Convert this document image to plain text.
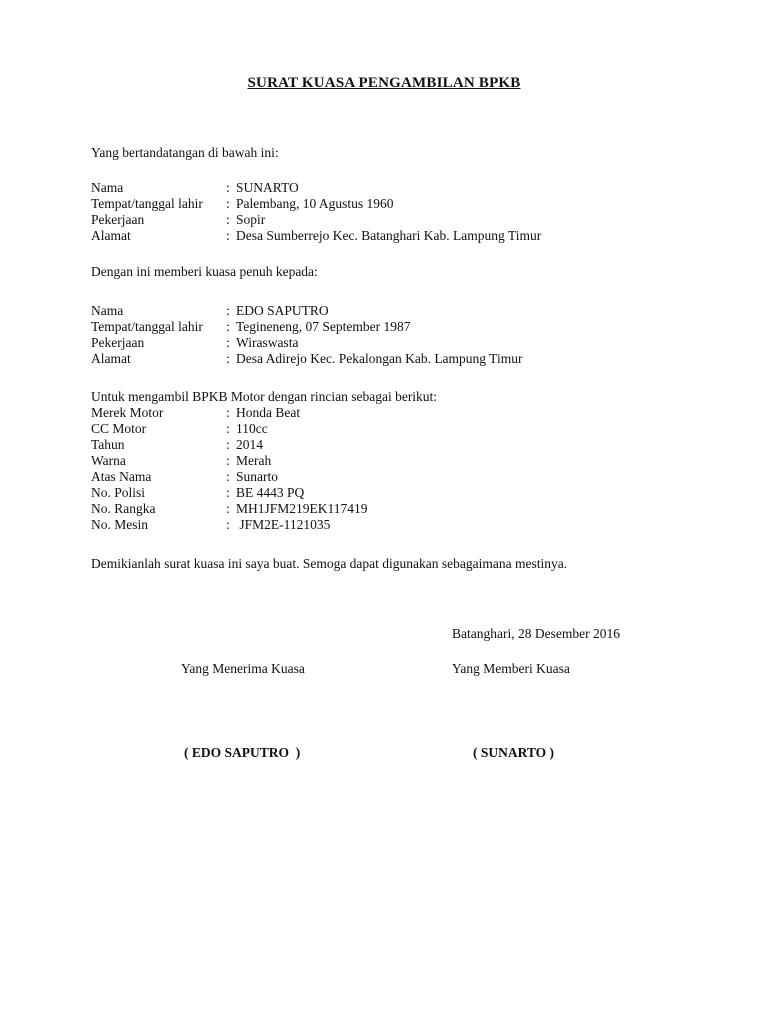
SURAT KUASA PENGAMBILAN BPKB
Yang bertandatangan di bawah ini:
Nama	: SUNARTO
Tempat/tanggal lahir : Palembang, 10 Agustus 1960
Pekerjaan	: Sopir
Alamat	: Desa Sumberrejo Kec. Batanghari Kab. Lampung Timur
Dengan ini memberi kuasa penuh kepada:
Nama	: EDO SAPUTRO
Tempat/tanggal lahir : Tegineneng, 07 September 1987
Pekerjaan	: Wiraswasta
Alamat	: Desa Adirejo Kec. Pekalongan Kab. Lampung Timur
Untuk mengambil BPKB Motor dengan rincian sebagai berikut:
Merek Motor	: Honda Beat
CC Motor	: 110cc
Tahun	: 2014
Warna	: Merah
Atas Nama	: Sunarto
No. Polisi	: BE 4443 PQ
No. Rangka	: MH1JFM219EK117419
No. Mesin	: JFM2E-1121035
Demikianlah surat kuasa ini saya buat. Semoga dapat digunakan sebagaimana mestinya.
Batanghari, 28 Desember 2016
Yang Menerima Kuasa	Yang Memberi Kuasa
( EDO SAPUTRO  )	( SUNARTO )
